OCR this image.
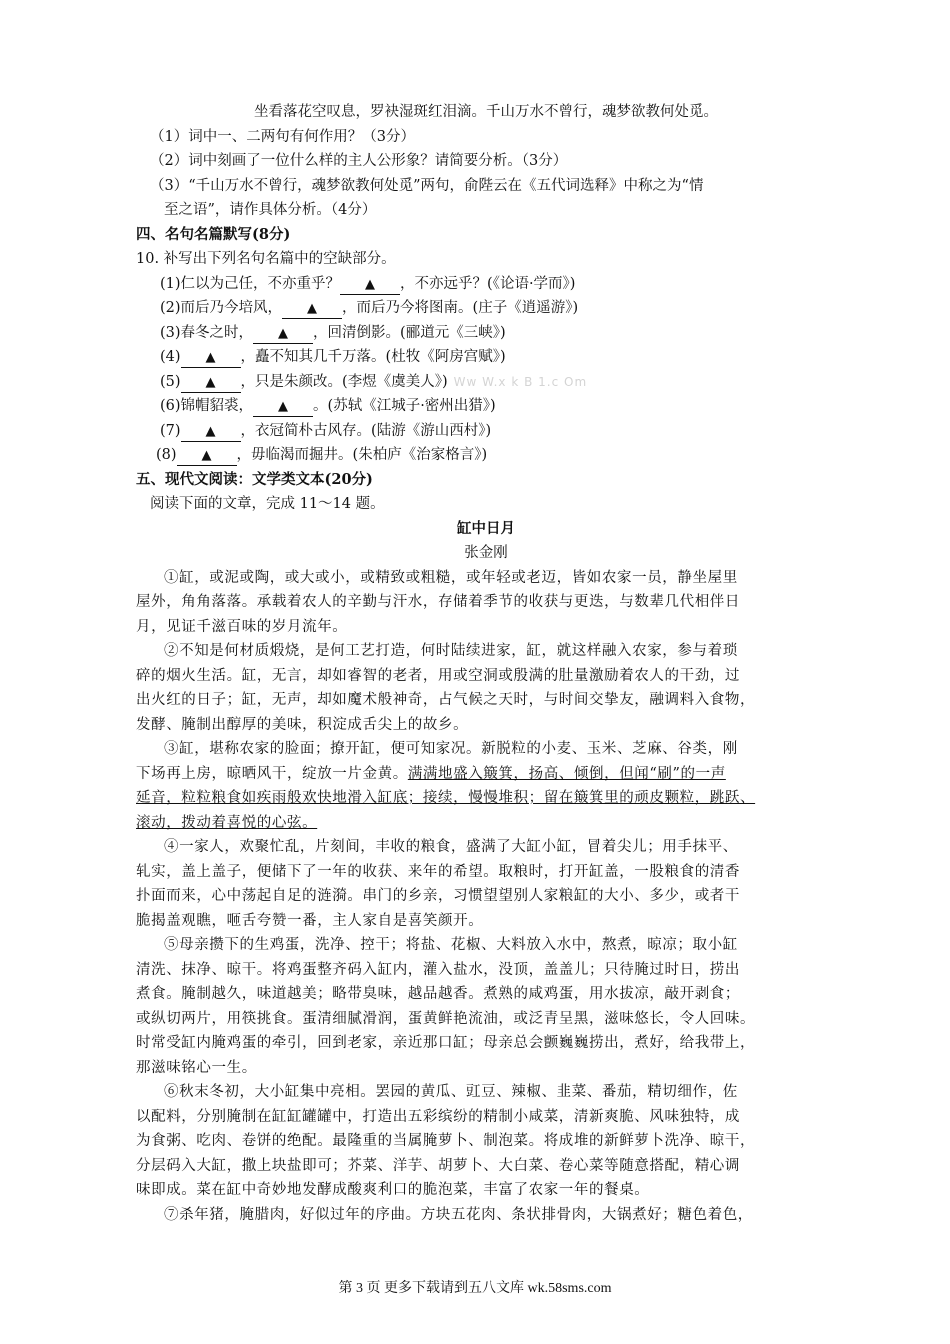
坐看落花空叹息，罗袂湿斑红泪滴。千山万水不曾行，魂梦欲教何处觅。
（1）词中一、二两句有何作用？（3分）
（2）词中刻画了一位什么样的主人公形象？请简要分析。（3分）
（3）“千山万水不曾行，魂梦欲教何处觅”两句，俞陛云在《五代词选释》中称之为“情
至之语”，请作具体分析。（4分）
四、名句名篇默写(8分)
10. 补写出下列名句名篇中的空缺部分。
(1)仁以为己任，不亦重乎？ ▲ ，不亦远乎？(《论语·学而》)
(2)而后乃今培风， ▲ ，而后乃今将图南。(庄子《逍遥游》)
(3)春冬之时， ▲ ，回清倒影。(郦道元《三峡》)
(4) ▲ ，矗不知其几千万落。(杜牧《阿房宫赋》)
(5) ▲ ，只是朱颜改。(李煜《虞美人》) Ww W.x k B 1.c Om
(6)锦帽貂裘， ▲ 。(苏轼《江城子·密州出猎》)
(7) ▲ ，衣冠简朴古风存。(陆游《游山西村》)
(8) ▲ ，毋临渴而掘井。(朱柏庐《治家格言》)
五、现代文阅读：文学类文本(20分)
阅读下面的文章，完成 11～14 题。
缸中日月
张金刚
①缸，或泥或陶，或大或小，或精致或粗糙，或年轻或老迈，皆如农家一员，静坐屋里
屋外，角角落落。承载着农人的辛勤与汗水，存储着季节的收获与更迭，与数辈几代相伴日
月，见证千滋百味的岁月流年。
②不知是何材质煅烧，是何工艺打造，何时陆续进家，缸，就这样融入农家，参与着琐
碎的烟火生活。缸，无言，却如睿智的老者，用或空洞或殷满的肚量激励着农人的干劲，过
出火红的日子；缸，无声，却如魔术般神奇，占气候之天时，与时间交挚友，融调料入食物，
发酵、腌制出醇厚的美味，积淀成舌尖上的故乡。
③缸，堪称农家的脸面；撩开缸，便可知家况。新脱粒的小麦、玉米、芝麻、谷类，刚
下场再上房，晾晒风干，绽放一片金黄。满满地盛入簸箕，扬高、倾倒，但闻“刷”的一声
延音，粒粒粮食如疾雨般欢快地滑入缸底；接续，慢慢堆积；留在簸箕里的顽皮颗粒，跳跃、
滚动，拨动着喜悦的心弦。
④一家人，欢聚忙乱，片刻间，丰收的粮食，盛满了大缸小缸，冒着尖儿；用手抹平、
轧实，盖上盖子，便储下了一年的收获、来年的希望。取粮时，打开缸盖，一股粮食的清香
扑面而来，心中荡起自足的涟漪。串门的乡亲，习惯望望别人家粮缸的大小、多少，或者干
脆揭盖观瞧，咂舌夸赞一番，主人家自是喜笑颜开。
⑤母亲攒下的生鸡蛋，洗净、控干；将盐、花椒、大料放入水中，熬煮，晾凉；取小缸
清洗、抹净、晾干。将鸡蛋整齐码入缸内，灌入盐水，没顶，盖盖儿；只待腌过时日，捞出
煮食。腌制越久，味道越美；略带臭味，越品越香。煮熟的咸鸡蛋，用水拔凉，敲开剥食；
或纵切两片，用筷挑食。蛋清细腻滑润，蛋黄鲜艳流油，或泛青呈黑，滋味悠长，令人回味。
时常受缸内腌鸡蛋的牵引，回到老家，亲近那口缸；母亲总会颤巍巍捞出，煮好，给我带上，
那滋味铭心一生。
⑥秋末冬初，大小缸集中亮相。罢园的黄瓜、豇豆、辣椒、韭菜、番茄，精切细作，佐
以配料，分别腌制在缸缸罐罐中，打造出五彩缤纷的精制小咸菜，清新爽脆、风味独特，成
为食粥、吃肉、卷饼的绝配。最隆重的当属腌萝卜、制泡菜。将成堆的新鲜萝卜洗净、晾干，
分层码入大缸，撒上块盐即可；芥菜、洋芋、胡萝卜、大白菜、卷心菜等随意搭配，精心调
味即成。菜在缸中奇妙地发酵成酸爽利口的脆泡菜，丰富了农家一年的餐桌。
⑦杀年猪，腌腊肉，好似过年的序曲。方块五花肉、条状排骨肉，大锅煮好；糖色着色，
第 3 页 更多下载请到五八文库 wk.58sms.com
